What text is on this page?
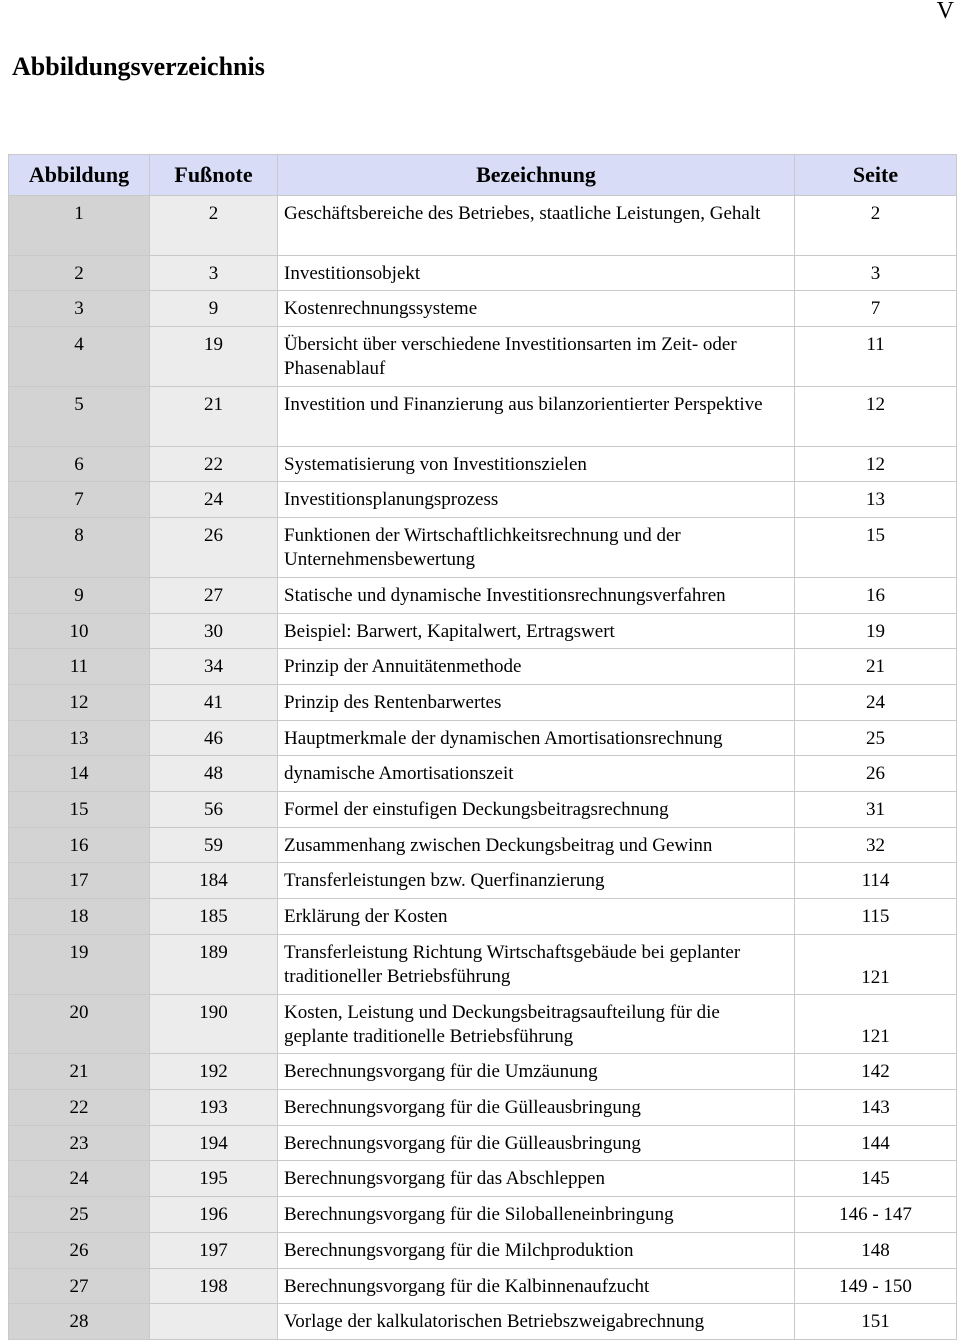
V
Abbildungsverzeichnis
Abbildung	Fußnote	Bezeichnung	Seite
1	2	Geschäftsbereiche des Betriebes, staatliche Leistungen, Gehalt	2
2	3	Investitionsobjekt	3
3	9	Kostenrechnungssysteme	7
4	19	Übersicht über verschiedene Investitionsarten im Zeit- oder Phasenablauf	11
5	21	Investition und Finanzierung aus bilanzorientierter Perspektive	12
6	22	Systematisierung von Investitionszielen	12
7	24	Investitionsplanungsprozess	13
8	26	Funktionen der Wirtschaftlichkeitsrechnung und der Unternehmensbewertung	15
9	27	Statische und dynamische Investitionsrechnungsverfahren	16
10	30	Beispiel: Barwert, Kapitalwert, Ertragswert	19
11	34	Prinzip der Annuitätenmethode	21
12	41	Prinzip des Rentenbarwertes	24
13	46	Hauptmerkmale der dynamischen Amortisationsrechnung	25
14	48	dynamische Amortisationszeit	26
15	56	Formel der einstufigen Deckungsbeitragsrechnung	31
16	59	Zusammenhang zwischen Deckungsbeitrag und Gewinn	32
17	184	Transferleistungen bzw. Querfinanzierung	114
18	185	Erklärung der Kosten	115
19	189	Transferleistung Richtung Wirtschaftsgebäude bei geplanter traditioneller Betriebsführung	121
20	190	Kosten, Leistung und Deckungsbeitragsaufteilung für die geplante traditionelle Betriebsführung	121
21	192	Berechnungsvorgang für die Umzäunung	142
22	193	Berechnungsvorgang für die Gülleausbringung	143
23	194	Berechnungsvorgang für die Gülleausbringung	144
24	195	Berechnungsvorgang für das Abschleppen	145
25	196	Berechnungsvorgang für die Siloballeneinbringung	146 - 147
26	197	Berechnungsvorgang für die Milchproduktion	148
27	198	Berechnungsvorgang für die Kalbinnenaufzucht	149 - 150
28		Vorlage der kalkulatorischen Betriebszweigabrechnung	151
